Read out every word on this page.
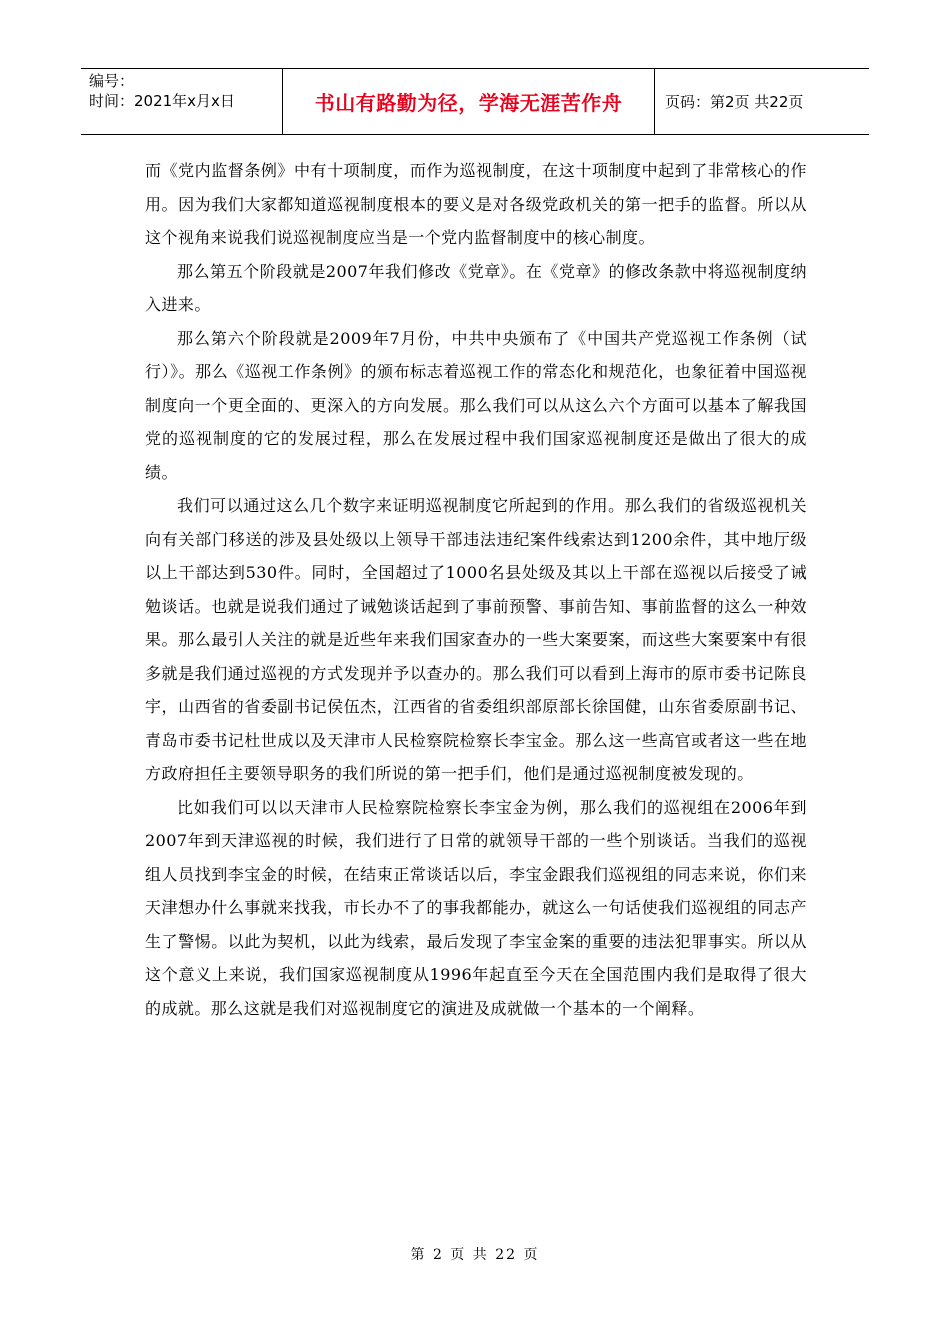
编号：
时间：2021年x月x日	书山有路勤为径，学海无涯苦作舟	页码：第2页 共22页

而《党内监督条例》中有十项制度，而作为巡视制度，在这十项制度中起到了非常核心的作用。因为我们大家都知道巡视制度根本的要义是对各级党政机关的第一把手的监督。所以从这个视角来说我们说巡视制度应当是一个党内监督制度中的核心制度。

那么第五个阶段就是2007年我们修改《党章》。在《党章》的修改条款中将巡视制度纳入进来。

那么第六个阶段就是2009年7月份，中共中央颁布了《中国共产党巡视工作条例（试行）》。那么《巡视工作条例》的颁布标志着巡视工作的常态化和规范化，也象征着中国巡视制度向一个更全面的、更深入的方向发展。那么我们可以从这么六个方面可以基本了解我国党的巡视制度的它的发展过程，那么在发展过程中我们国家巡视制度还是做出了很大的成绩。

我们可以通过这么几个数字来证明巡视制度它所起到的作用。那么我们的省级巡视机关向有关部门移送的涉及县处级以上领导干部违法违纪案件线索达到1200余件，其中地厅级以上干部达到530件。同时，全国超过了1000名县处级及其以上干部在巡视以后接受了诫勉谈话。也就是说我们通过了诫勉谈话起到了事前预警、事前告知、事前监督的这么一种效果。那么最引人关注的就是近些年来我们国家查办的一些大案要案，而这些大案要案中有很多就是我们通过巡视的方式发现并予以查办的。那么我们可以看到上海市的原市委书记陈良宇，山西省的省委副书记侯伍杰，江西省的省委组织部原部长徐国健，山东省委原副书记、青岛市委书记杜世成以及天津市人民检察院检察长李宝金。那么这一些高官或者这一些在地方政府担任主要领导职务的我们所说的第一把手们，他们是通过巡视制度被发现的。

比如我们可以以天津市人民检察院检察长李宝金为例，那么我们的巡视组在2006年到2007年到天津巡视的时候，我们进行了日常的就领导干部的一些个别谈话。当我们的巡视组人员找到李宝金的时候，在结束正常谈话以后，李宝金跟我们巡视组的同志来说，你们来天津想办什么事就来找我，市长办不了的事我都能办，就这么一句话使我们巡视组的同志产生了警惕。以此为契机，以此为线索，最后发现了李宝金案的重要的违法犯罪事实。所以从这个意义上来说，我们国家巡视制度从1996年起直至今天在全国范围内我们是取得了很大的成就。那么这就是我们对巡视制度它的演进及成就做一个基本的一个阐释。

第 2 页 共 22 页
